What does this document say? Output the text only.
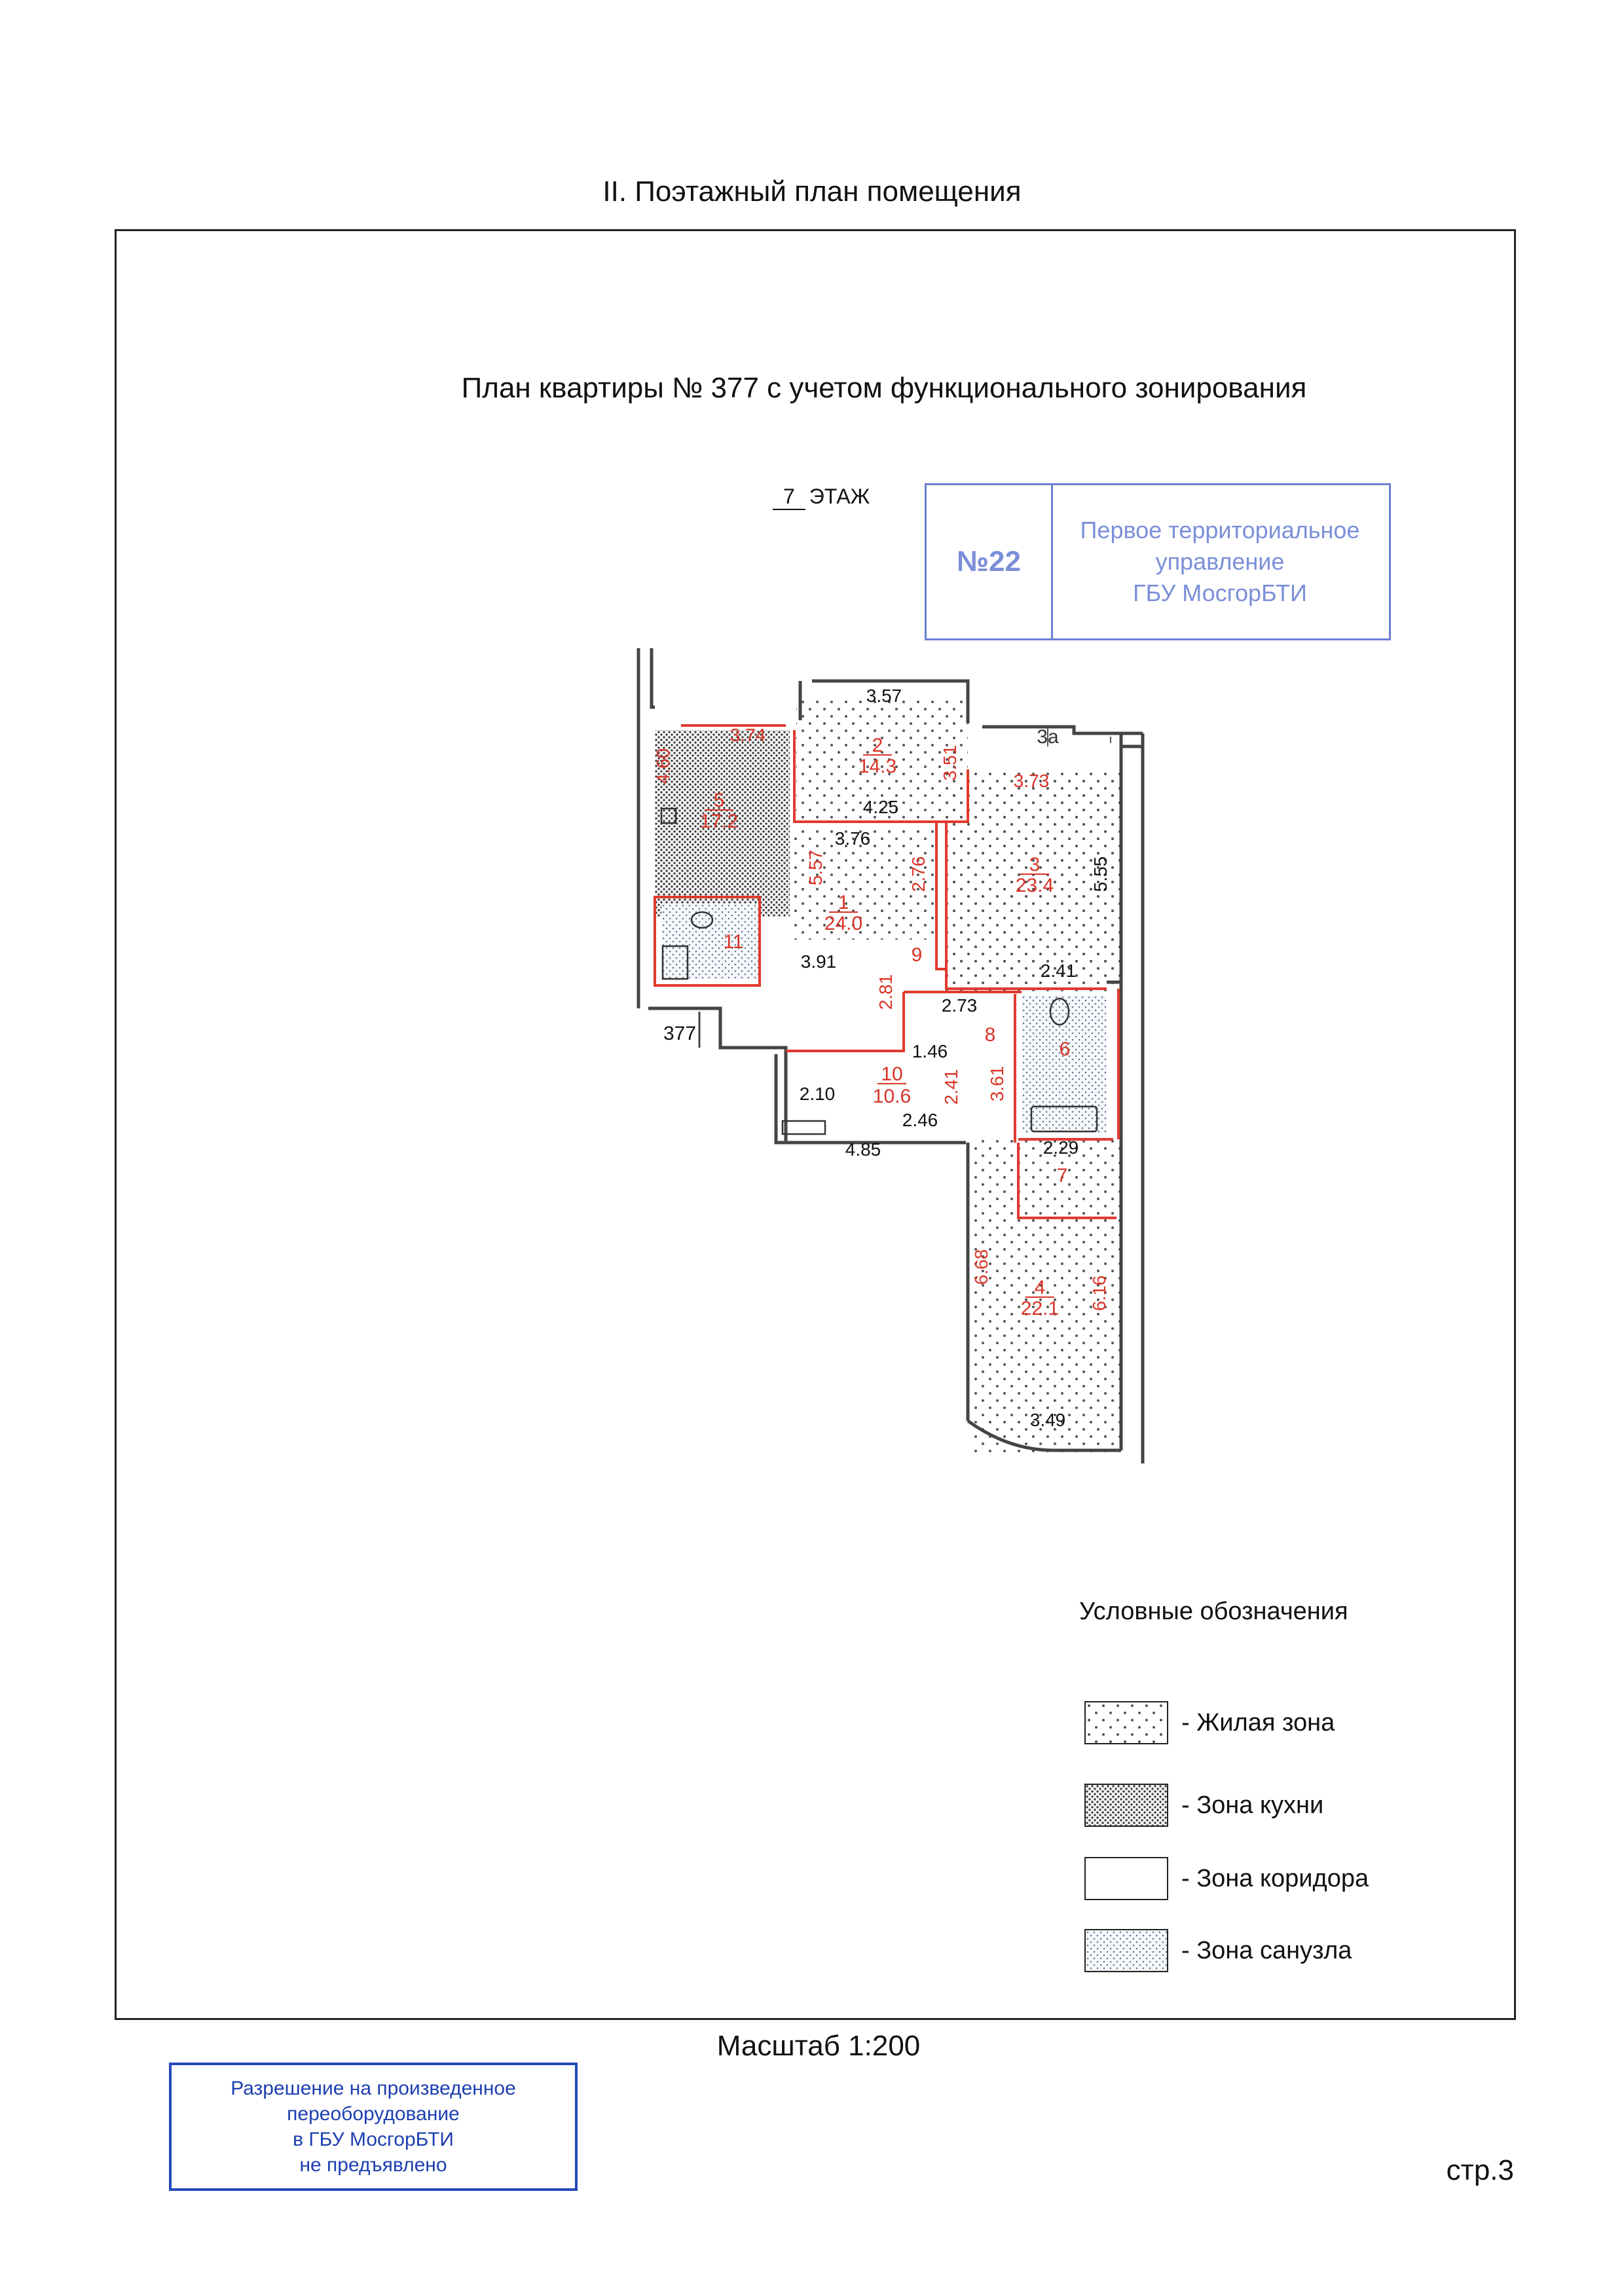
II. Поэтажный план помещения
План квартиры № 377 с учетом функционального зонирования
7 ЭТАЖ
№22
Первое территориальное
управление
ГБУ МосгорБТИ
2
14.3
5
17.2
1
24.0
3
23.4
4
22.1
10
10.6
6
7
8
9
11
3а
3.57
3.74
3.51
4.25
3.76
5.57	2.76
3.73
5.55
3.91
2.81
2.41
2.73
1.46
3.61
2.41
2.10
2.46
4.85	2.29
6.68
6.16
3.49
4.60
377
Условные обозначения
- Жилая зона
- Зона кухни
- Зона коридора
- Зона санузла
Масштаб 1:200
Разрешение на произведенное
переоборудование
в ГБУ МосгорБТИ
не предъявлено	стр.3
